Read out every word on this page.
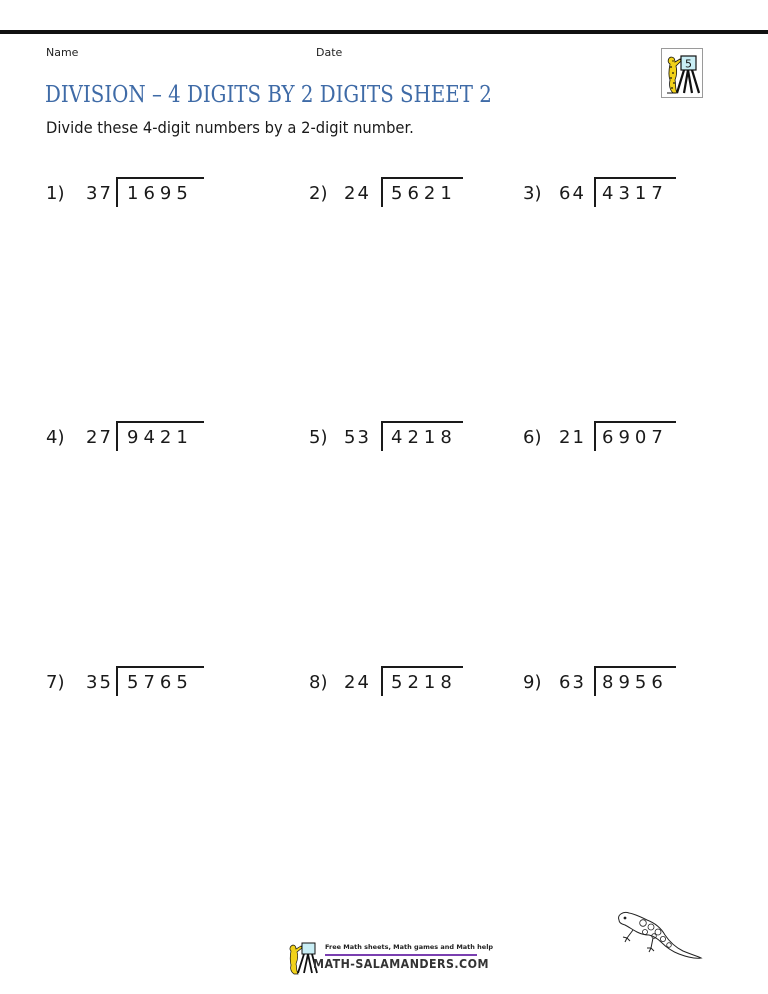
Name	Date
5
DIVISION – 4 DIGITS BY 2 DIGITS SHEET 2
Divide these 4-digit numbers by a 2-digit number.
1) 37 1695	2) 24 5621	3) 64 4317
4) 27 9421	5) 53 4218	6) 21 6907
7) 35 5765	8) 24 5218	9) 63 8956
Free Math sheets, Math games and Math help
MATH-SALAMANDERS.COM
